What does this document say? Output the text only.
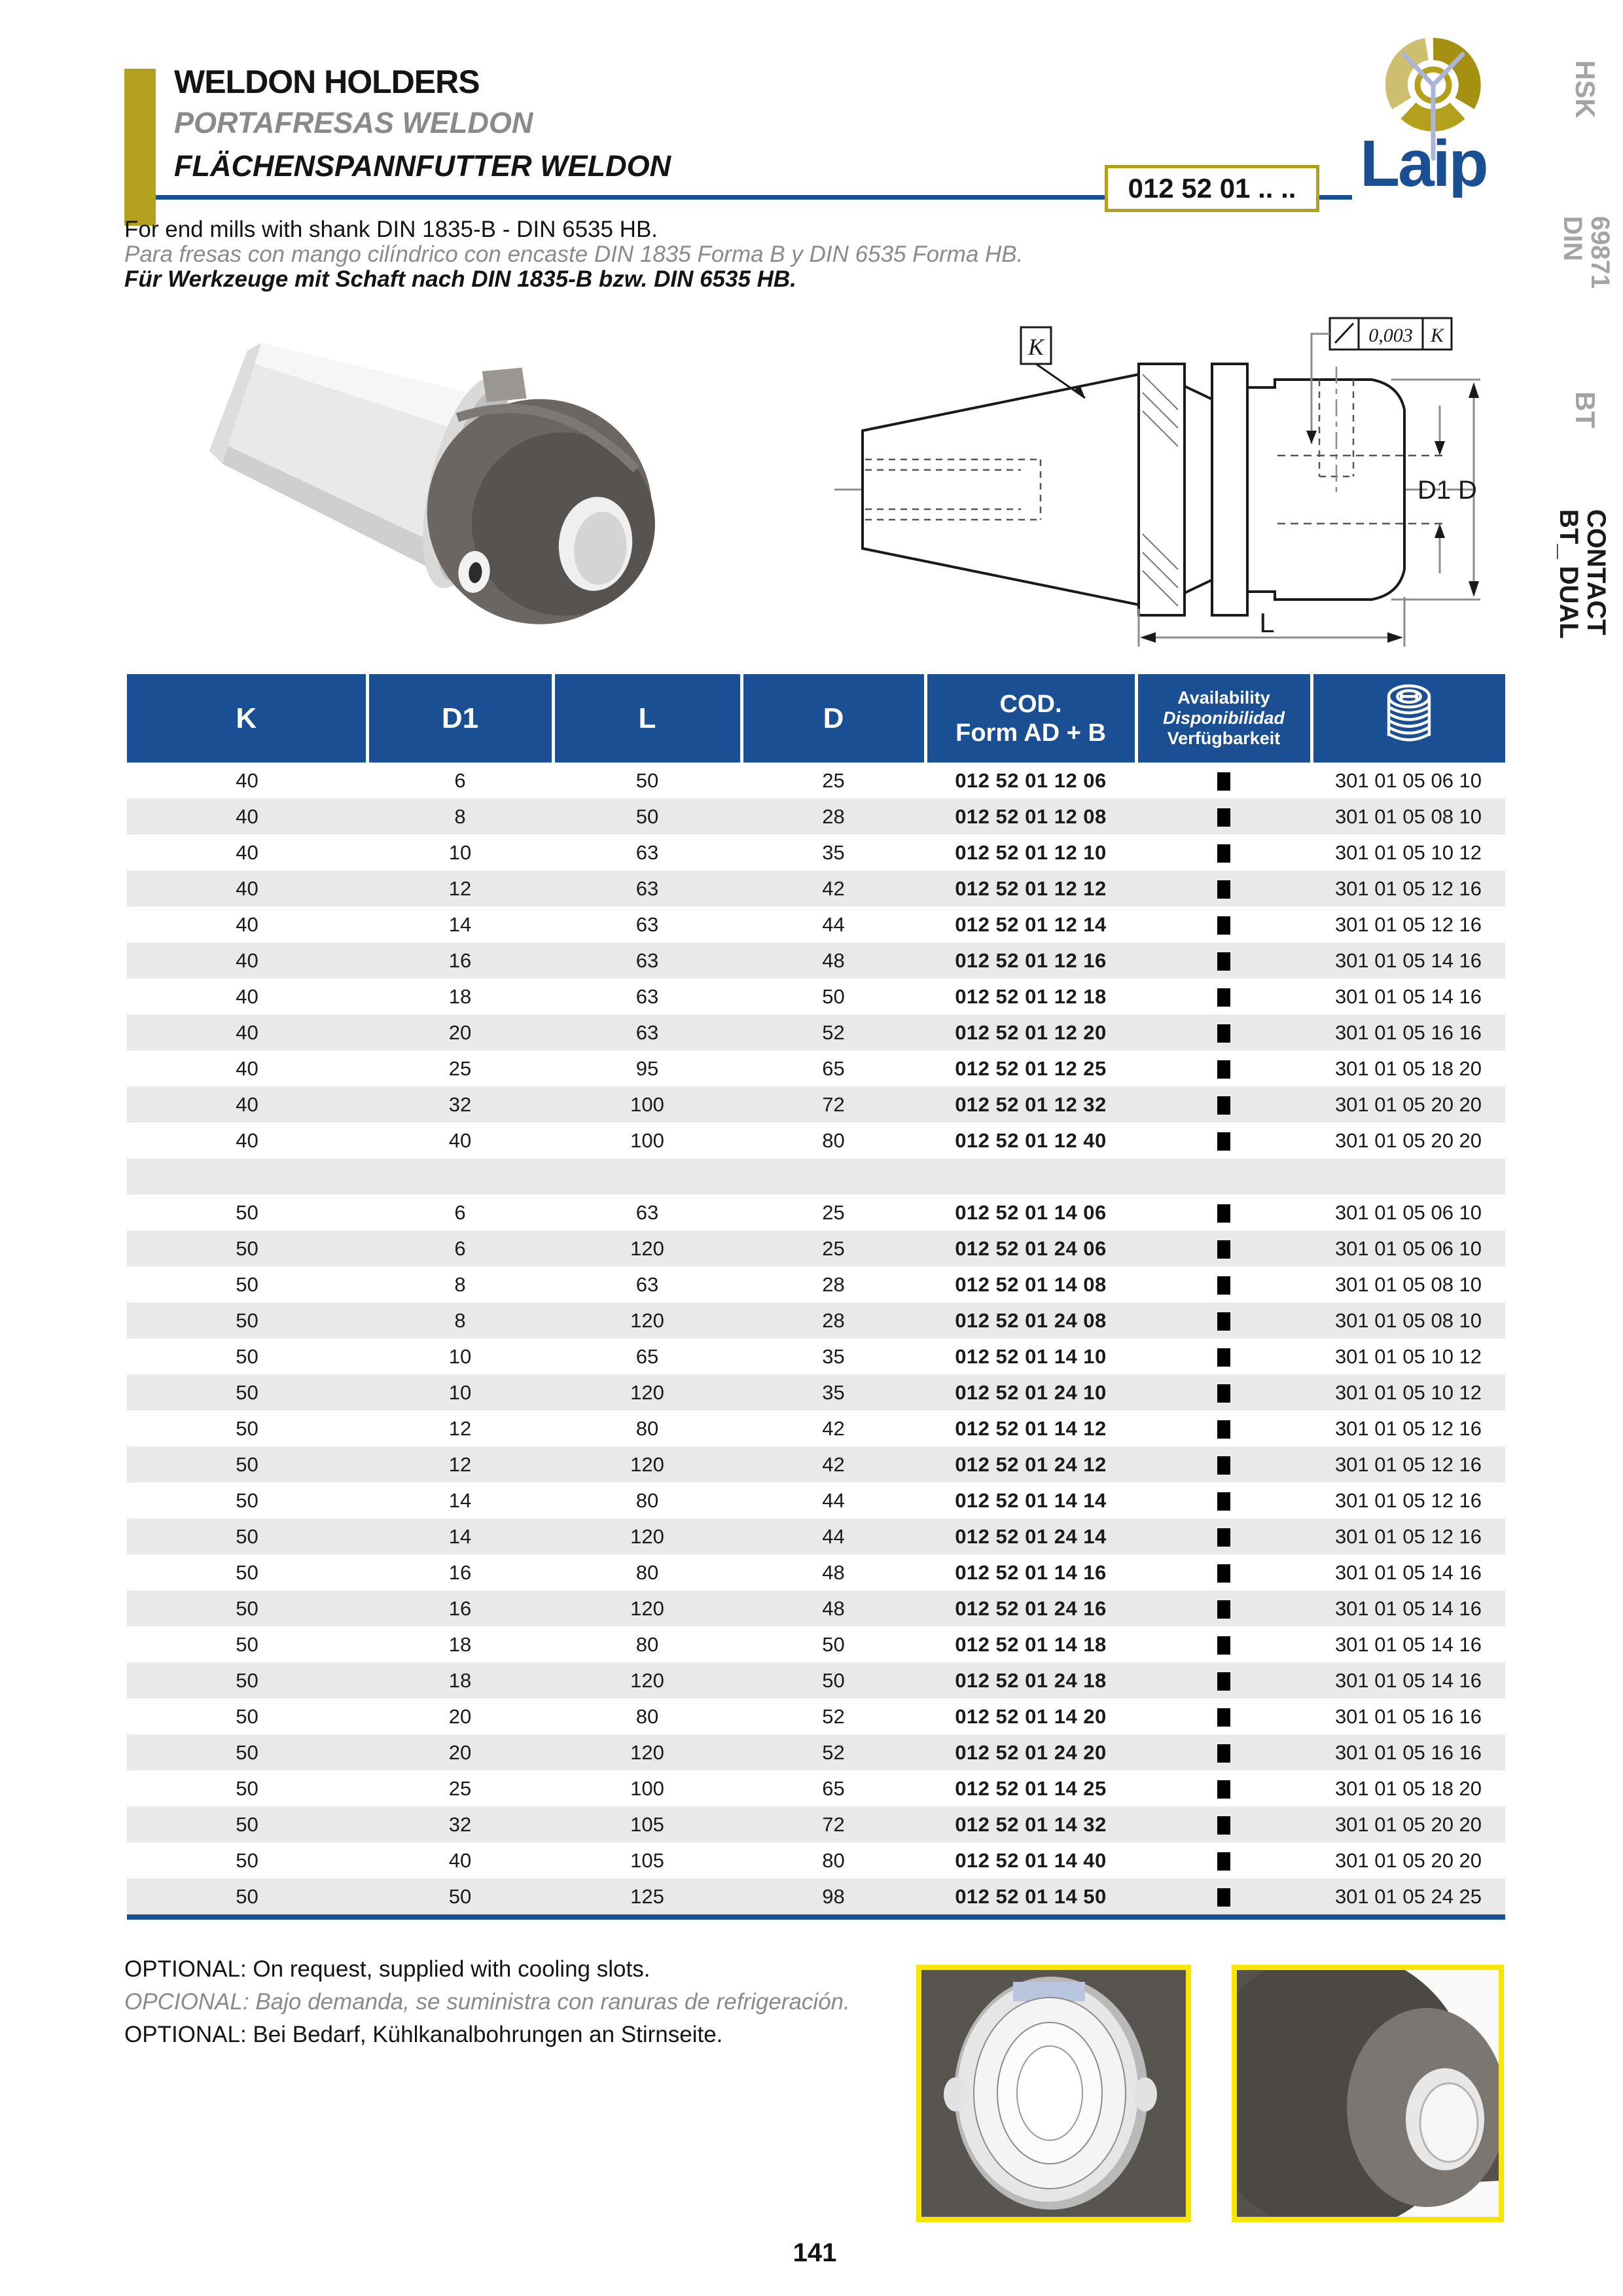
WELDON HOLDERS
PORTAFRESAS WELDON
FLÄCHENSPANNFUTTER WELDON
012 52 01 .. .. Laip
HSK
DIN
69871
BT
BT_ DUAL
CONTACT
For end mills with shank DIN 1835-B - DIN 6535 HB.
Para fresas con mango cilíndrico con encaste DIN 1835 Forma B y DIN 6535 Forma HB.
Für Werkzeuge mit Schaft nach DIN 1835-B bzw. DIN 6535 HB.
K	0,003 K
D1 D
L
K	D1	L	D	COD.
Form AD + B

Availability
Disponibilidad
Verfügbarkeit

40	6	50	25	012 52 01 12 06		301 01 05 06 10
40	8	50	28	012 52 01 12 08		301 01 05 08 10
40	10	63	35	012 52 01 12 10		301 01 05 10 12
40	12	63	42	012 52 01 12 12		301 01 05 12 16
40	14	63	44	012 52 01 12 14		301 01 05 12 16
40	16	63	48	012 52 01 12 16		301 01 05 14 16
40	18	63	50	012 52 01 12 18		301 01 05 14 16
40	20	63	52	012 52 01 12 20		301 01 05 16 16
40	25	95	65	012 52 01 12 25		301 01 05 18 20
40	32	100	72	012 52 01 12 32		301 01 05 20 20
40	40	100	80	012 52 01 12 40		301 01 05 20 20

50	6	63	25	012 52 01 14 06		301 01 05 06 10
50	6	120	25	012 52 01 24 06		301 01 05 06 10
50	8	63	28	012 52 01 14 08		301 01 05 08 10
50	8	120	28	012 52 01 24 08		301 01 05 08 10
50	10	65	35	012 52 01 14 10		301 01 05 10 12
50	10	120	35	012 52 01 24 10		301 01 05 10 12
50	12	80	42	012 52 01 14 12		301 01 05 12 16
50	12	120	42	012 52 01 24 12		301 01 05 12 16
50	14	80	44	012 52 01 14 14		301 01 05 12 16
50	14	120	44	012 52 01 24 14		301 01 05 12 16
50	16	80	48	012 52 01 14 16		301 01 05 14 16
50	16	120	48	012 52 01 24 16		301 01 05 14 16
50	18	80	50	012 52 01 14 18		301 01 05 14 16
50	18	120	50	012 52 01 24 18		301 01 05 14 16
50	20	80	52	012 52 01 14 20		301 01 05 16 16
50	20	120	52	012 52 01 24 20		301 01 05 16 16
50	25	100	65	012 52 01 14 25		301 01 05 18 20
50	32	105	72	012 52 01 14 32		301 01 05 20 20
50	40	105	80	012 52 01 14 40		301 01 05 20 20
50	50	125	98	012 52 01 14 50		301 01 05 24 25
OPTIONAL: On request, supplied with cooling slots.
OPCIONAL: Bajo demanda, se suministra con ranuras de refrigeración.
OPTIONAL: Bei Bedarf, Kühlkanalbohrungen an Stirnseite.
141
